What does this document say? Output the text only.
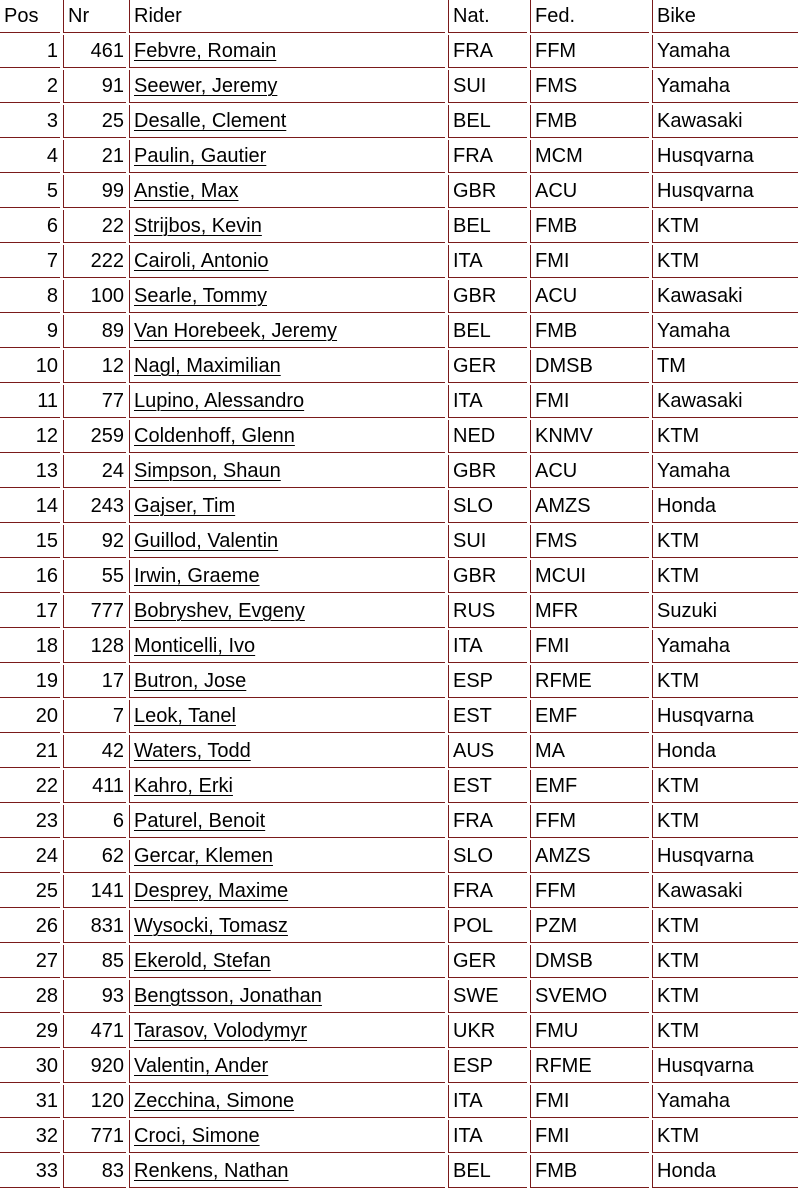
Pos	Nr	Rider	Nat.	Fed.	Bike
1	461	Febvre, Romain	FRA	FFM	Yamaha
2	91	Seewer, Jeremy	SUI	FMS	Yamaha
3	25	Desalle, Clement	BEL	FMB	Kawasaki
4	21	Paulin, Gautier	FRA	MCM	Husqvarna
5	99	Anstie, Max	GBR	ACU	Husqvarna
6	22	Strijbos, Kevin	BEL	FMB	KTM
7	222	Cairoli, Antonio	ITA	FMI	KTM
8	100	Searle, Tommy	GBR	ACU	Kawasaki
9	89	Van Horebeek, Jeremy	BEL	FMB	Yamaha
10	12	Nagl, Maximilian	GER	DMSB	TM
11	77	Lupino, Alessandro	ITA	FMI	Kawasaki
12	259	Coldenhoff, Glenn	NED	KNMV	KTM
13	24	Simpson, Shaun	GBR	ACU	Yamaha
14	243	Gajser, Tim	SLO	AMZS	Honda
15	92	Guillod, Valentin	SUI	FMS	KTM
16	55	Irwin, Graeme	GBR	MCUI	KTM
17	777	Bobryshev, Evgeny	RUS	MFR	Suzuki
18	128	Monticelli, Ivo	ITA	FMI	Yamaha
19	17	Butron, Jose	ESP	RFME	KTM
20	7	Leok, Tanel	EST	EMF	Husqvarna
21	42	Waters, Todd	AUS	MA	Honda
22	411	Kahro, Erki	EST	EMF	KTM
23	6	Paturel, Benoit	FRA	FFM	KTM
24	62	Gercar, Klemen	SLO	AMZS	Husqvarna
25	141	Desprey, Maxime	FRA	FFM	Kawasaki
26	831	Wysocki, Tomasz	POL	PZM	KTM
27	85	Ekerold, Stefan	GER	DMSB	KTM
28	93	Bengtsson, Jonathan	SWE	SVEMO	KTM
29	471	Tarasov, Volodymyr	UKR	FMU	KTM
30	920	Valentin, Ander	ESP	RFME	Husqvarna
31	120	Zecchina, Simone	ITA	FMI	Yamaha
32	771	Croci, Simone	ITA	FMI	KTM
33	83	Renkens, Nathan	BEL	FMB	Honda
